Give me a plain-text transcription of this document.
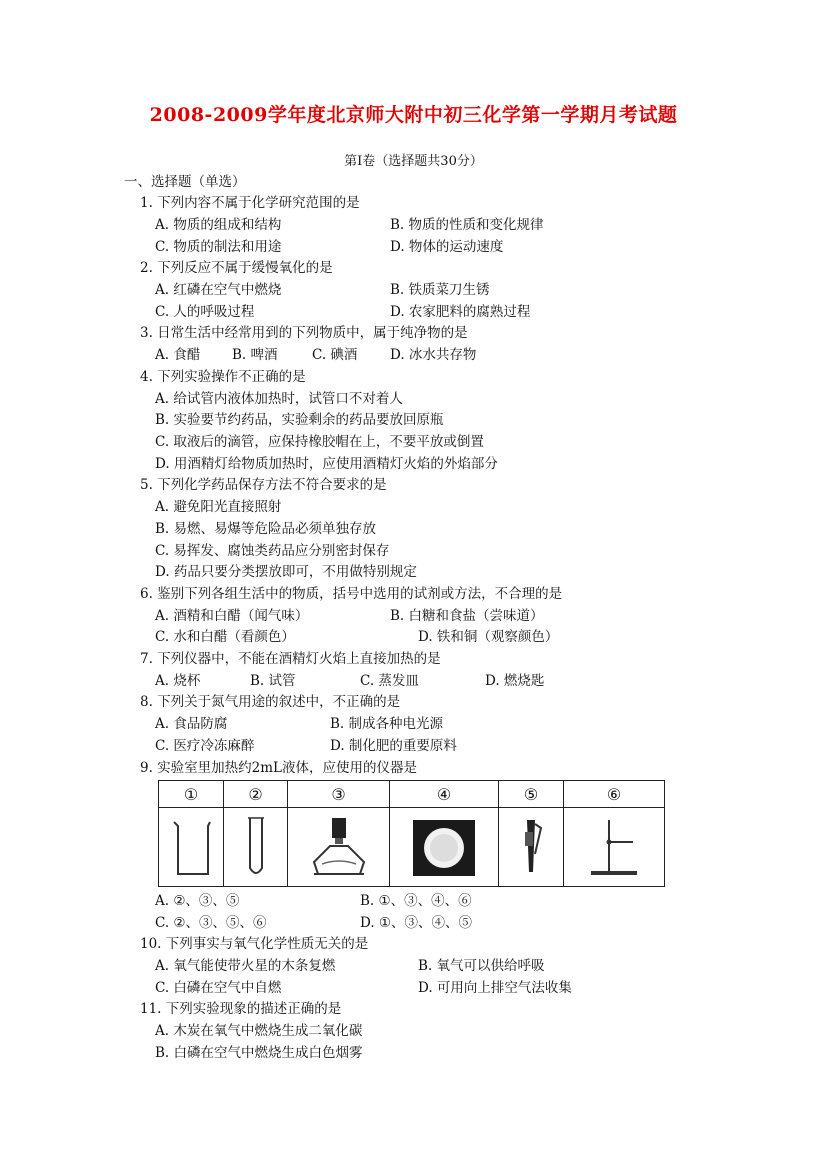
2008-2009学年度北京师大附中初三化学第一学期月考试题
第Ⅰ卷（选择题共30分）
一、选择题（单选）
1. 下列内容不属于化学研究范围的是
A. 物质的组成和结构	B. 物质的性质和变化规律
C. 物质的制法和用途	D. 物体的运动速度
2. 下列反应不属于缓慢氧化的是
A. 红磷在空气中燃烧	B. 铁质菜刀生锈
C. 人的呼吸过程	D. 农家肥料的腐熟过程
3. 日常生活中经常用到的下列物质中，属于纯净物的是
A. 食醋 B. 啤酒	C. 碘酒 D. 冰水共存物
4. 下列实验操作不正确的是
A. 给试管内液体加热时，试管口不对着人
B. 实验要节约药品，实验剩余的药品要放回原瓶
C. 取液后的滴管，应保持橡胶帽在上，不要平放或倒置
D. 用酒精灯给物质加热时，应使用酒精灯火焰的外焰部分
5. 下列化学药品保存方法不符合要求的是
A. 避免阳光直接照射
B. 易燃、易爆等危险品必须单独存放
C. 易挥发、腐蚀类药品应分别密封保存
D. 药品只要分类摆放即可，不用做特别规定
6. 鉴别下列各组生活中的物质，括号中选用的试剂或方法，不合理的是
A. 酒精和白醋（闻气味）	B. 白糖和食盐（尝味道）
C. 水和白醋（看颜色）	D. 铁和铜（观察颜色）
7. 下列仪器中，不能在酒精灯火焰上直接加热的是
A. 烧杯	B. 试管	C. 蒸发皿	D. 燃烧匙
8. 下列关于氮气用途的叙述中，不正确的是
A. 食品防腐	B. 制成各种电光源
C. 医疗冷冻麻醉	D. 制化肥的重要原料
9. 实验室里加热约2mL液体，应使用的仪器是
①	②	③	④	⑤	⑥

A. ②、③、⑤	B. ①、③、④、⑥
C. ②、③、⑤、⑥	D. ①、③、④、⑤
10. 下列事实与氧气化学性质无关的是
A. 氧气能使带火星的木条复燃	B. 氧气可以供给呼吸
C. 白磷在空气中自燃	D. 可用向上排空气法收集
11. 下列实验现象的描述正确的是
A. 木炭在氧气中燃烧生成二氧化碳
B. 白磷在空气中燃烧生成白色烟雾
